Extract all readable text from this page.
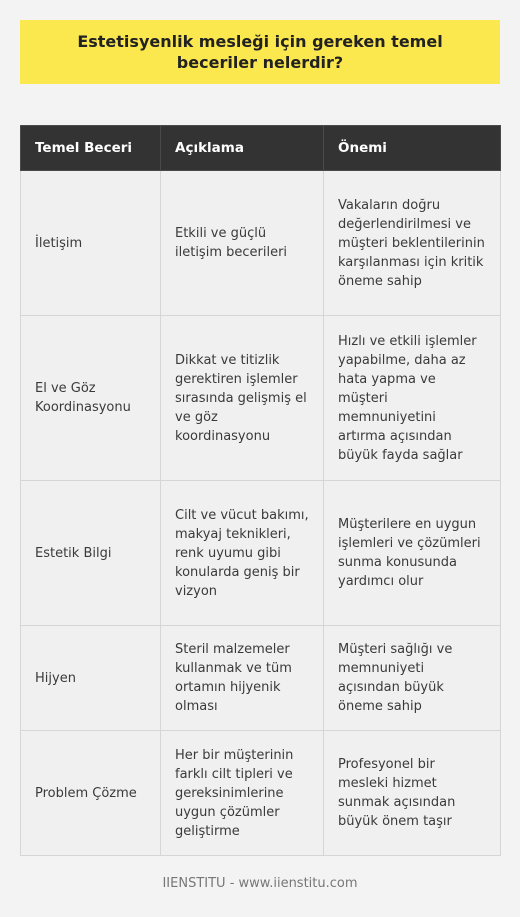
Estetisyenlik mesleği için gereken temel beceriler nelerdir?
Temel Beceri	Açıklama	Önemi
İletişim	Etkili ve güçlü iletişim becerileri	Vakaların doğru değerlendirilmesi ve müşteri beklentilerinin karşılanması için kritik öneme sahip
El ve Göz Koordinasyonu	Dikkat ve titizlik gerektiren işlemler sırasında gelişmiş el ve göz koordinasyonu	Hızlı ve etkili işlemler yapabilme, daha az hata yapma ve müşteri memnuniyetini artırma açısından büyük fayda sağlar
Estetik Bilgi	Cilt ve vücut bakımı, makyaj teknikleri, renk uyumu gibi konularda geniş bir vizyon	Müşterilere en uygun işlemleri ve çözümleri sunma konusunda yardımcı olur
Hijyen	Steril malzemeler kullanmak ve tüm ortamın hijyenik olması	Müşteri sağlığı ve memnuniyeti açısından büyük öneme sahip
Problem Çözme	Her bir müşterinin farklı cilt tipleri ve gereksinimlerine uygun çözümler geliştirme	Profesyonel bir mesleki hizmet sunmak açısından büyük önem taşır
IIENSTITU - www.iienstitu.com
